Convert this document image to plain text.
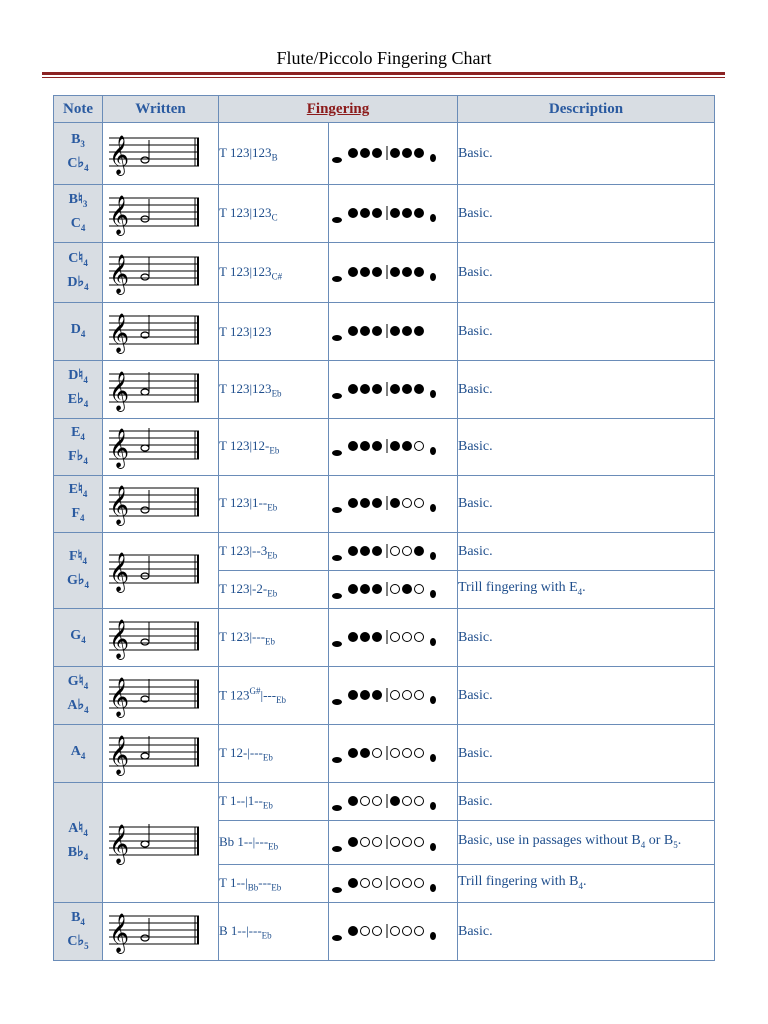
Flute/Piccolo Fingering Chart
Note	Written	Fingering		Description

$B_3$
$C♭_4$	𝄞	T $123|123_B$		Basic.

$B♮_3$
$C_4$	𝄞	T $123|123_C$		Basic.

$C♮_4$
$D♭_4$	𝄞	T $123|123_{C\#}$		Basic.

$D_4$	𝄞	T 123|123		Basic.

$D♮_4$
$E♭_4$	𝄞	T $123|123_{Eb}$		Basic.

$E_4$
$F♭_4$	𝄞	T $123|12-_{Eb}$		Basic.

$E♮_4$
$F_4$	𝄞	T $123|1--_{Eb}$		Basic.

$F♮_4$
$G♭_4$	𝄞	T $123|--3_{Eb}$		Basic.
		T $123|-2-_{Eb}$		Trill fingering with $E_4$.

$G_4$	𝄞	T $123|---_{Eb}$		Basic.

$G♮_4$
$A♭_4$	𝄞	T $123^{G\#}|---_{Eb}$		Basic.

$A_4$	𝄞	T $12-|---_{Eb}$		Basic.

$A♮_4$
$B♭_4$	𝄞	T $1--|1--_{Eb}$		Basic.
		Bb $1--|---_{Eb}$		Basic, use in passages without $B_4$ or $B_5$.
		T $1--|_{Bb}---_{Eb}$		Trill fingering with $B_4$.

$B_4$
$C♭_5$	𝄞	B $1--|---_{Eb}$		Basic.
